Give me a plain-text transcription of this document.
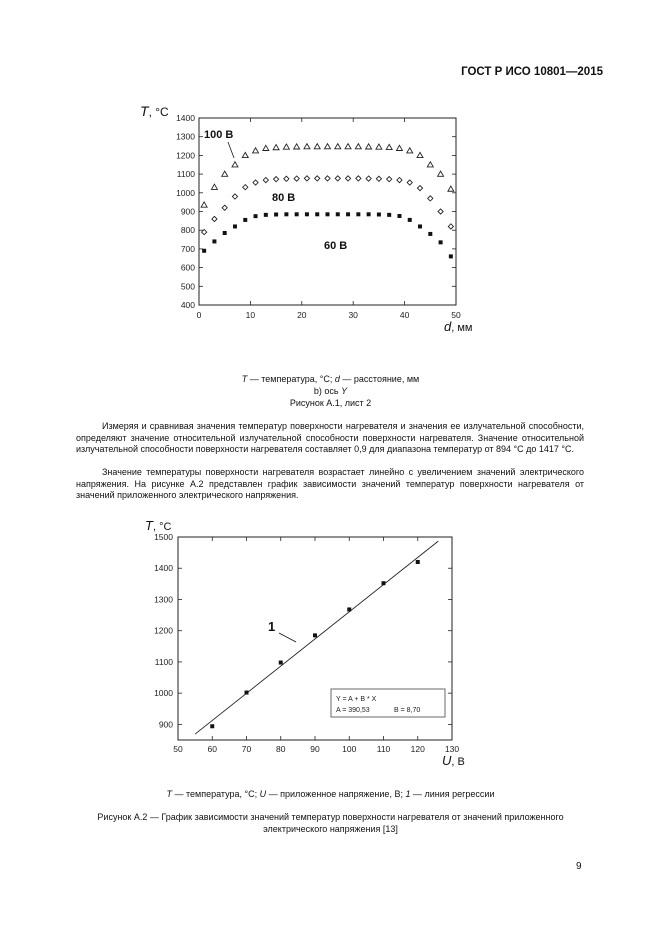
ГОСТ Р ИСО 10801—2015
400
500
600
700
800
900
1000
1100
1200
1300
1400
0	10	20	30	40	50
T, °C
d, мм
100 В
80 В
60 В
T — температура, °C; d — расстояние, мм
b) ось Y
Рисунок А.1, лист 2
Измеряя и сравнивая значения температур поверхности нагревателя и значения ее излучательной способности, определяют значение относительной излучательной способности поверхности нагревателя. Значение относительной излучательной способности поверхности нагревателя составляет 0,9 для диапазона температур от 894 °C до 1417 °C.
Значение температуры поверхности нагревателя возрастает линейно с увеличением значений электрического напряжения. На рисунке А.2 представлен график зависимости значений температур поверхности нагревателя от значений приложенного электрического напряжения.
900
1000
1100
1200
1300
1400
1500
50	60	70	80	90	100 110 120 130
T, °C
U, В
1
Y = A + B * X
A = 390,53	B = 8,70
T — температура, °C; U — приложенное напряжение, В; 1 — линия регрессии
Рисунок А.2 — График зависимости значений температур поверхности нагревателя от значений приложенного
электрического напряжения [13]
9
